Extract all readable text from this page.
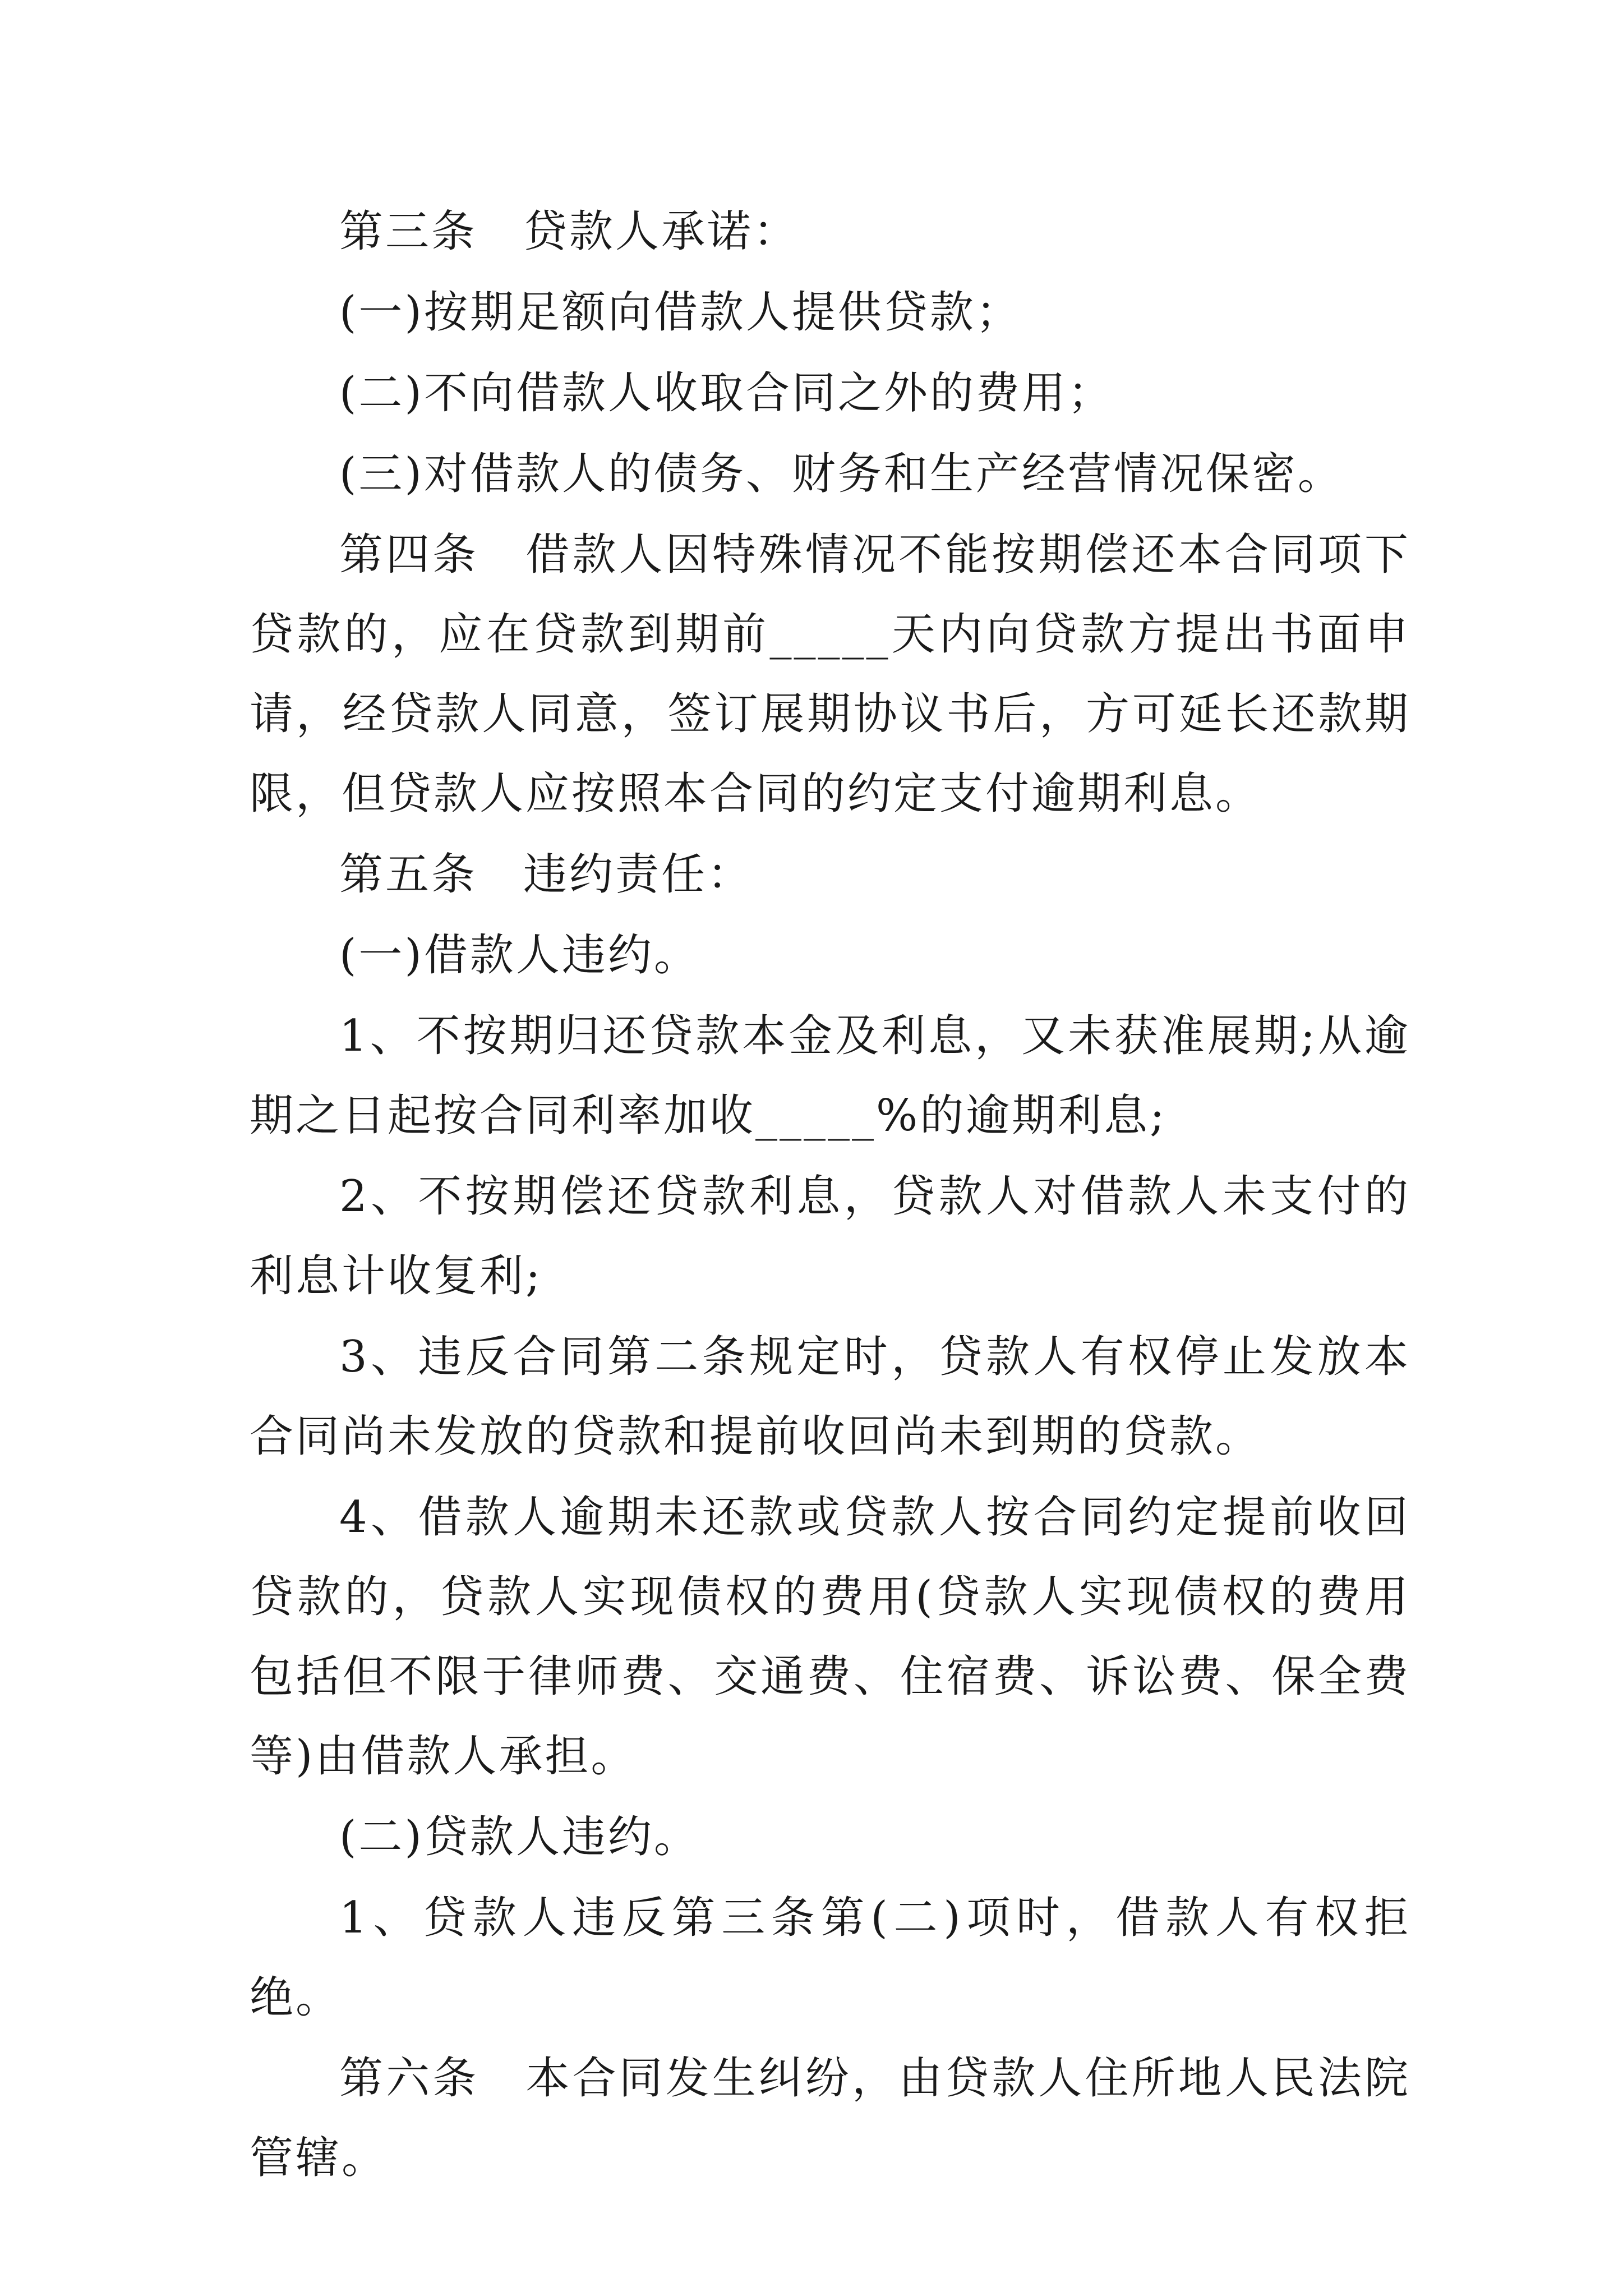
第三条　贷款人承诺：

(一)按期足额向借款人提供贷款；

(二)不向借款人收取合同之外的费用；

(三)对借款人的债务、财务和生产经营情况保密。

第四条　借款人因特殊情况不能按期偿还本合同项下贷款的，应在贷款到期前_____天内向贷款方提出书面申请，经贷款人同意，签订展期协议书后，方可延长还款期限，但贷款人应按照本合同的约定支付逾期利息。

第五条　违约责任：

(一)借款人违约。

1、不按期归还贷款本金及利息，又未获准展期;从逾期之日起按合同利率加收_____%的逾期利息;

2、不按期偿还贷款利息，贷款人对借款人未支付的利息计收复利;

3、违反合同第二条规定时，贷款人有权停止发放本合同尚未发放的贷款和提前收回尚未到期的贷款。

4、借款人逾期未还款或贷款人按合同约定提前收回贷款的，贷款人实现债权的费用(贷款人实现债权的费用包括但不限于律师费、交通费、住宿费、诉讼费、保全费等)由借款人承担。

(二)贷款人违约。

1、贷款人违反第三条第(二)项时，借款人有权拒绝。

第六条　本合同发生纠纷，由贷款人住所地人民法院管辖。
